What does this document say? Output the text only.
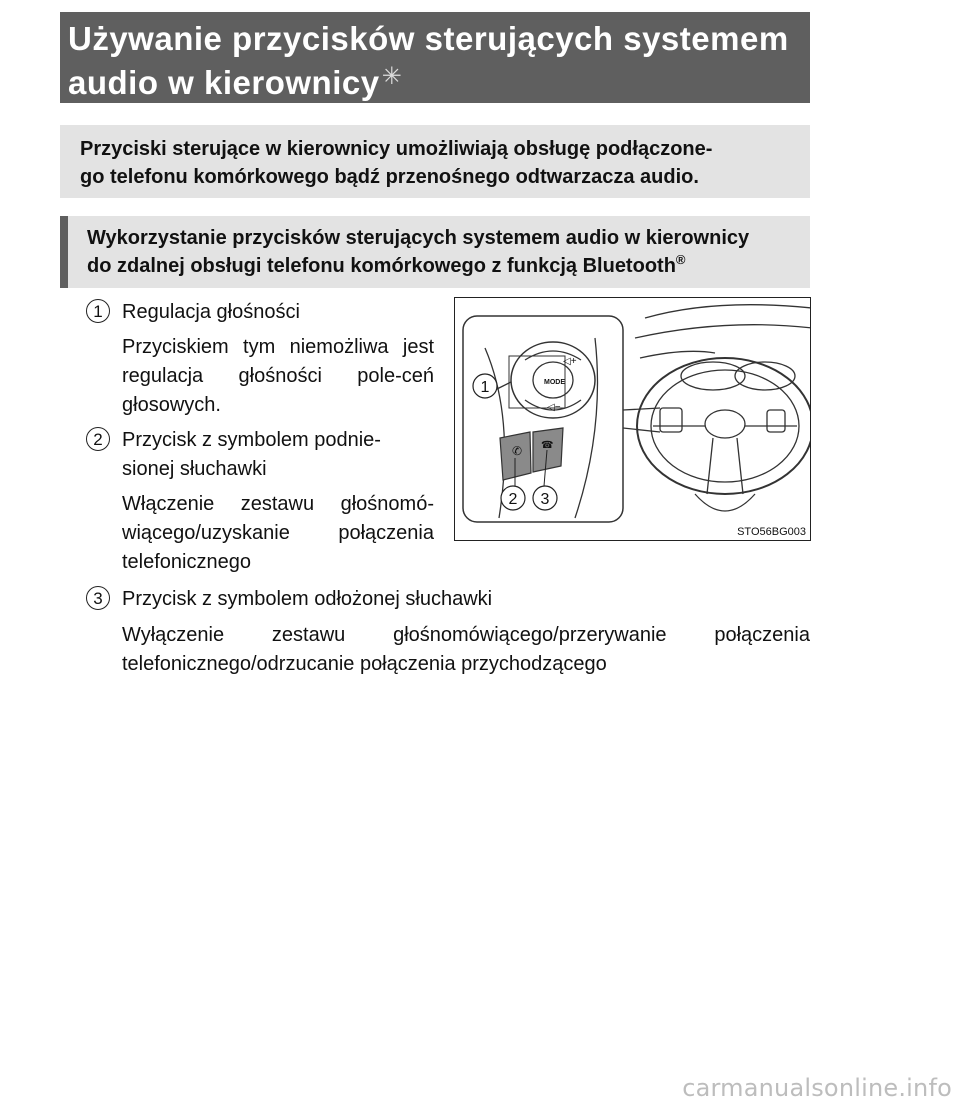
Używanie przycisków sterujących systemem
audio w kierownicy✳
Przyciski sterujące w kierownicy umożliwiają obsługę podłączone-
go telefonu komórkowego bądź przenośnego odtwarzacza audio.
Wykorzystanie przycisków sterujących systemem audio w kierownicy
do zdalnej obsługi telefonu komórkowego z funkcją Bluetooth®
1 Regulacja głośności
Przyciskiem tym niemożliwa jest regulacja głośności pole-ceń głosowych.
2 Przycisk z symbolem podnie-
sionej słuchawki
Włączenie zestawu głośnomó-wiącego/uzyskanie połączenia telefonicznego
3 Przycisk z symbolem odłożonej słuchawki
Wyłączenie zestawu głośnomówiącego/przerywanie połączenia telefonicznego/odrzucanie połączenia przychodzącego
MODE
◁+
◁−
✆ ☎
1
2 3
STO56BG003
carmanualsonline.info
